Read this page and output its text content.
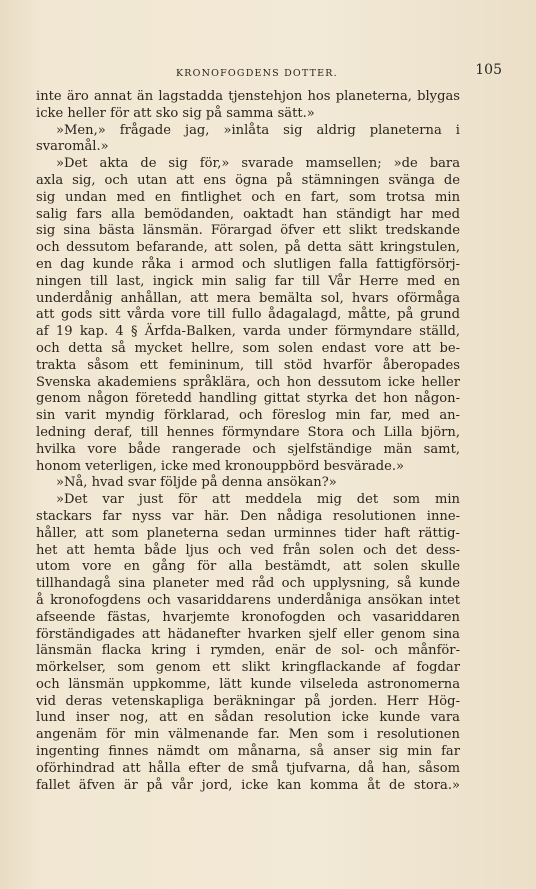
KRONOFOGDENS DOTTER.	105
inte äro annat än lagstadda tjenstehjon hos planeterna, blygas
icke heller för att sko sig på samma sätt.»
»Men,» frågade jag, »inlåta sig aldrig planeterna i
svaromål.»
»Det akta de sig för,» svarade mamsellen; »de bara
axla sig, och utan att ens ögna på stämningen svänga de
sig undan med en fintlighet och en fart, som trotsa min
salig fars alla bemödanden, oaktadt han ständigt har med
sig sina bästa länsmän. Förargad öfver ett slikt tredskande
och dessutom befarande, att solen, på detta sätt kringstulen,
en dag kunde råka i armod och slutligen falla fattigförsörj-
ningen till last, ingick min salig far till Vår Herre med en
underdånig anhållan, att mera bemälta sol, hvars oförmåga
att gods sitt vårda vore till fullo ådagalagd, måtte, på grund
af 19 kap. 4 § Ärfda-Balken, varda under förmyndare ställd,
och detta så mycket hellre, som solen endast vore att be-
trakta såsom ett femininum, till stöd hvarför åberopades
Svenska akademiens språklära, och hon dessutom icke heller
genom någon företedd handling gittat styrka det hon någon-
sin varit myndig förklarad, och föreslog min far, med an-
ledning deraf, till hennes förmyndare Stora och Lilla björn,
hvilka vore både rangerade och sjelfständige män samt,
honom veterligen, icke med kronouppbörd besvärade.»
»Nå, hvad svar följde på denna ansökan?»
»Det var just för att meddela mig det som min
stackars far nyss var här. Den nådiga resolutionen inne-
håller, att som planeterna sedan urminnes tider haft rättig-
het att hemta både ljus och ved från solen och det dess-
utom vore en gång för alla bestämdt, att solen skulle
tillhandagå sina planeter med råd och upplysning, så kunde
å kronofogdens och vasariddarens underdåniga ansökan intet
afseende fästas, hvarjemte kronofogden och vasariddaren
förständigades att hädanefter hvarken sjelf eller genom sina
länsmän flacka kring i rymden, enär de sol- och månför-
mörkelser, som genom ett slikt kringflackande af fogdar
och länsmän uppkomme, lätt kunde vilseleda astronomerna
vid deras vetenskapliga beräkningar på jorden. Herr Hög-
lund inser nog, att en sådan resolution icke kunde vara
angenäm för min välmenande far. Men som i resolutionen
ingenting finnes nämdt om månarna, så anser sig min far
oförhindrad att hålla efter de små tjufvarna, då han, såsom
fallet äfven är på vår jord, icke kan komma åt de stora.»
